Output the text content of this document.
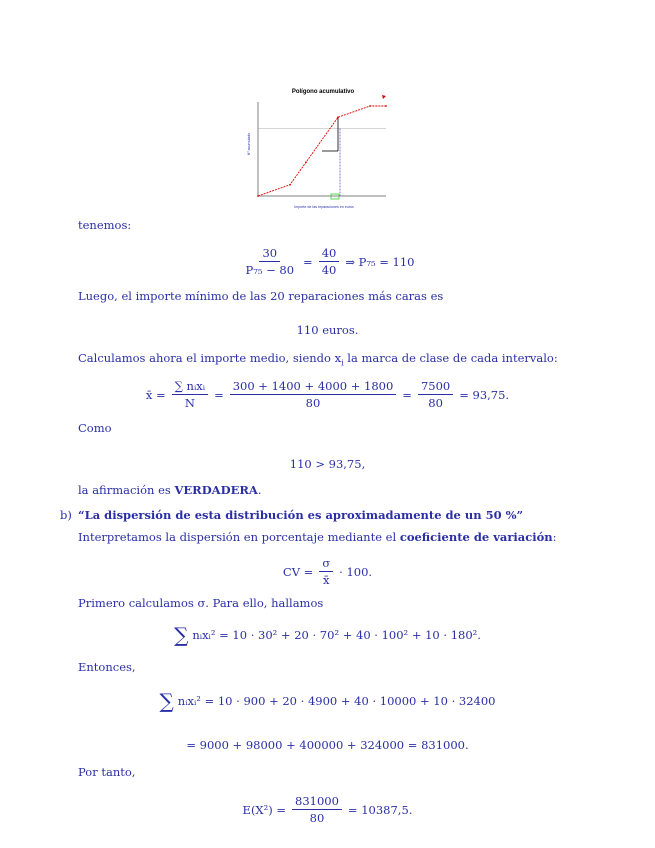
Polígono acumulativo
Nº acumulado
Importe de las reparaciones en euros
tenemos:
$\frac{30}{\text{P₇₅ − 80}} = \frac{40}{40}$ ⇒ P₇₅ = 110
Luego, el importe mínimo de las 20 reparaciones más caras es
110 euros.
Calculamos ahora el importe medio, siendo $x_i$ la marca de clase de cada intervalo:
x̄ = $\frac{\text{∑ nᵢxᵢ}}{N} = \frac{300 + 1400 + 4000 + 1800}{80} = \frac{7500}{80} = 93,75$.
Como
110 > 93,75,
la afirmación es VERDADERA.
b) “La dispersión de esta distribución es aproximadamente de un 50 %”
Interpretamos la dispersión en porcentaje mediante el coeficiente de variación:
CV = $\frac{\sigma}{x̄} \cdot 100$.
Primero calculamos σ. Para ello, hallamos
∑ nᵢxᵢ² = 10 · 30² + 20 · 70² + 40 · 100² + 10 · 180².
Entonces,
∑ nᵢxᵢ² = 10 · 900 + 20 · 4900 + 40 · 10000 + 10 · 32400
= 9000 + 98000 + 400000 + 324000 = 831000.
Por tanto,
$E(X^2) = \frac{831000}{80} = 10387,5$.
